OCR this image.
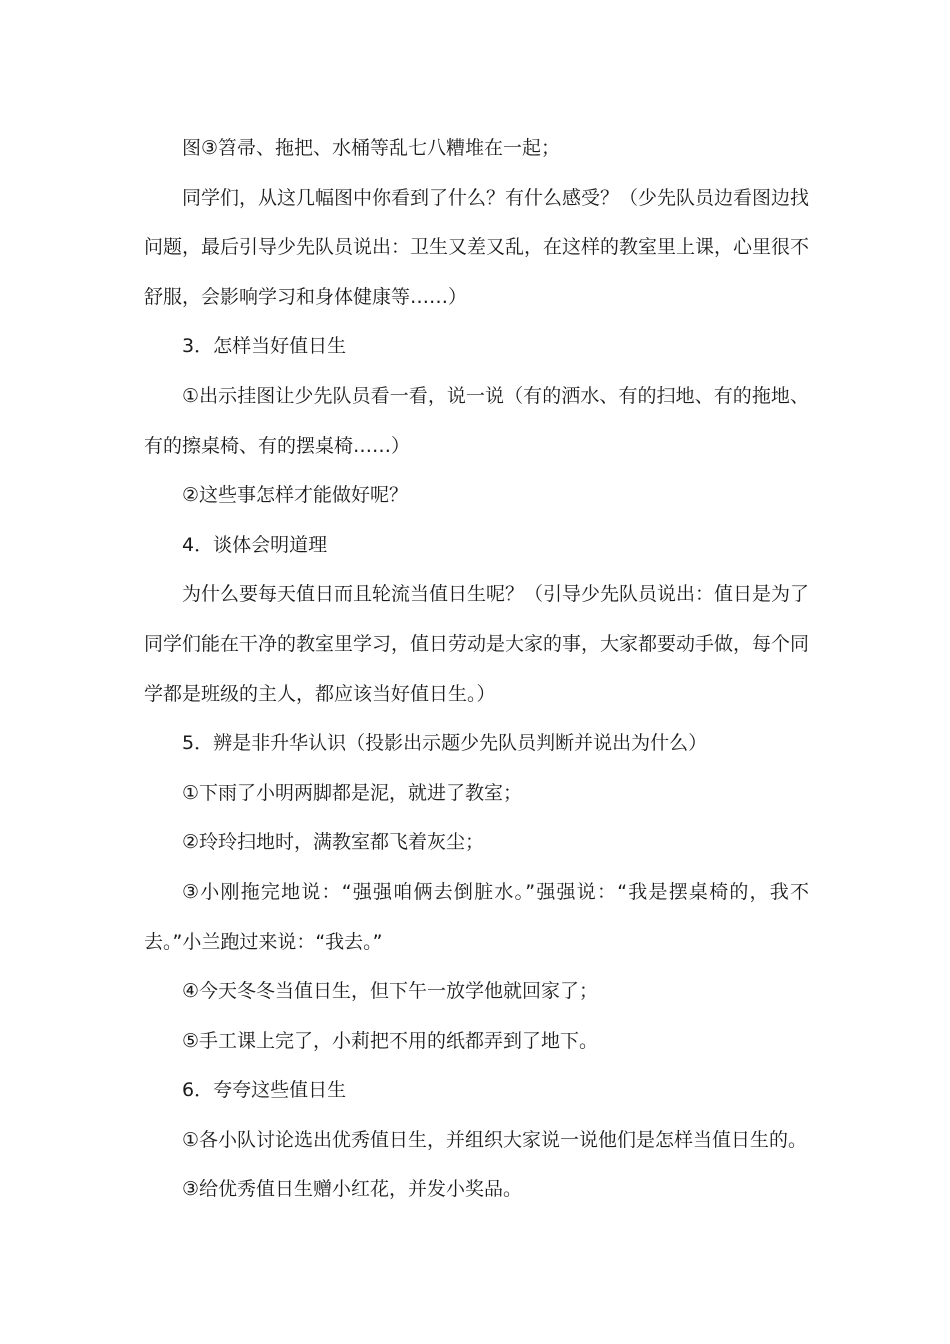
图③笤帚、拖把、水桶等乱七八糟堆在一起；

同学们，从这几幅图中你看到了什么？有什么感受？（少先队员边看图边找问题，最后引导少先队员说出：卫生又差又乱，在这样的教室里上课，心里很不舒服，会影响学习和身体健康等……）

3．怎样当好值日生

①出示挂图让少先队员看一看，说一说（有的洒水、有的扫地、有的拖地、有的擦桌椅、有的摆桌椅……）

②这些事怎样才能做好呢？

4．谈体会明道理

为什么要每天值日而且轮流当值日生呢？（引导少先队员说出：值日是为了同学们能在干净的教室里学习，值日劳动是大家的事，大家都要动手做，每个同学都是班级的主人，都应该当好值日生。）

5．辨是非升华认识（投影出示题少先队员判断并说出为什么）

①下雨了小明两脚都是泥，就进了教室；

②玲玲扫地时，满教室都飞着灰尘；

③小刚拖完地说：“强强咱俩去倒脏水。”强强说：“我是摆桌椅的，我不去。”小兰跑过来说：“我去。”

④今天冬冬当值日生，但下午一放学他就回家了；

⑤手工课上完了，小莉把不用的纸都弄到了地下。

6．夸夸这些值日生

①各小队讨论选出优秀值日生，并组织大家说一说他们是怎样当值日生的。

③给优秀值日生赠小红花，并发小奖品。
